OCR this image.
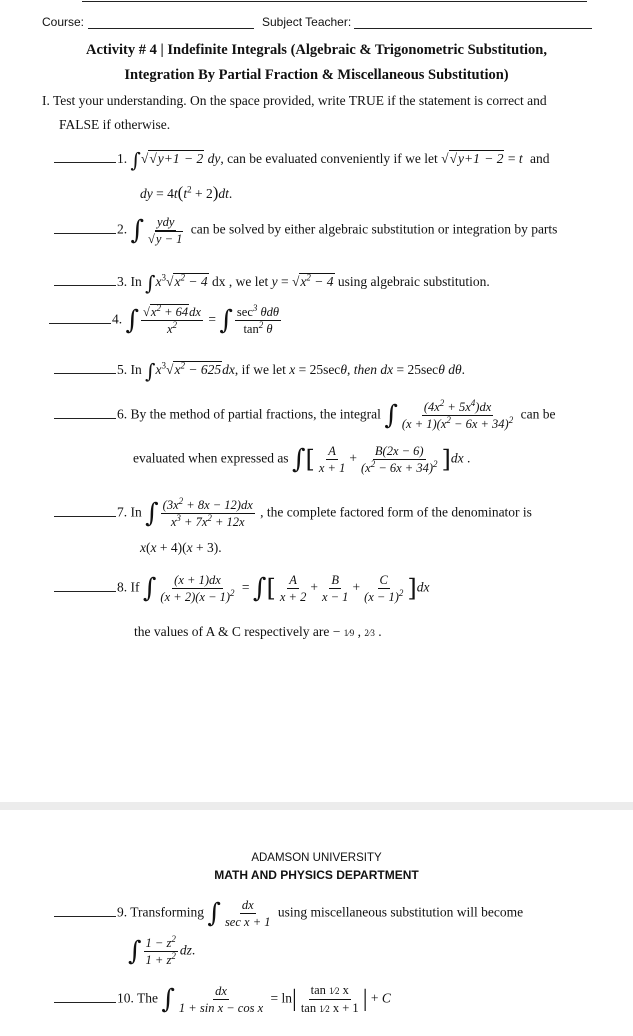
Course:	Subject Teacher:
Activity # 4 | Indefinite Integrals (Algebraic & Trigonometric Substitution,
Integration By Partial Fraction & Miscellaneous Substitution)
I. Test your understanding. On the space provided, write TRUE if the statement is correct and
FALSE if otherwise.
1. ∫√√y+1 − 2 dy, can be evaluated conveniently if we let √√y+1 − 2 = t and
dy = $4t(t^2 + 2)dt$.
2. ∫ $\frac{\text{ydy}}{√y - 1}$ can be solved by either algebraic substitution or integration by parts
3. In $\int x^3√x^2 - 4$ dx , we let $y = √x^2 - 4$ using algebraic substitution.
4. ∫ $\frac{√x^2 + 64dx}{x^2}$ = ∫ $\frac{\sec^3 \theta d\theta}{\tan^2 \theta}$
5. In $\int x^3√x^2 - 625dx$, if we let x = 25secθ, then dx = 25secθ dθ.
6. By the method of partial fractions, the integral ∫ $\frac{(4x^2 + 5x^4)dx}{(x + 1)(x^2 - 6x + 34)^2}$ can be
evaluated when expressed as ∫[ $\frac{A}{x + 1} + \frac{B(2x - 6)}{(x^2 - 6x + 34)^2} ]dx$ .
7. In ∫ $\frac{(3x^2 + 8x - 12)dx}{x^3 + 7x^2 + 12x}$ , the complete factored form of the denominator is
x(x + 4)(x + 3).
8. If ∫ $\frac{(x + 1)dx}{(x + 2)(x - 1)^2}$ = ∫[ $\frac{A}{x + 2} + \frac{B}{x - 1} + \frac{C}{(x - 1)^2} ]dx$
the values of A & C respectively are − 1⁄9 , 2⁄3 .
ADAMSON UNIVERSITY
MATH AND PHYSICS DEPARTMENT
9. Transforming ∫ $\frac{dx}{\text{sec x + 1}}$ using miscellaneous substitution will become
∫ $\frac{1 - z^2}{1 + z^2}$ dz.
10. The ∫ $\frac{dx}{\text{1 + sin x − cos x}} = \ln| \frac{\tan 1⁄2 x}{\tan 1⁄2 x + 1}$ | + C
